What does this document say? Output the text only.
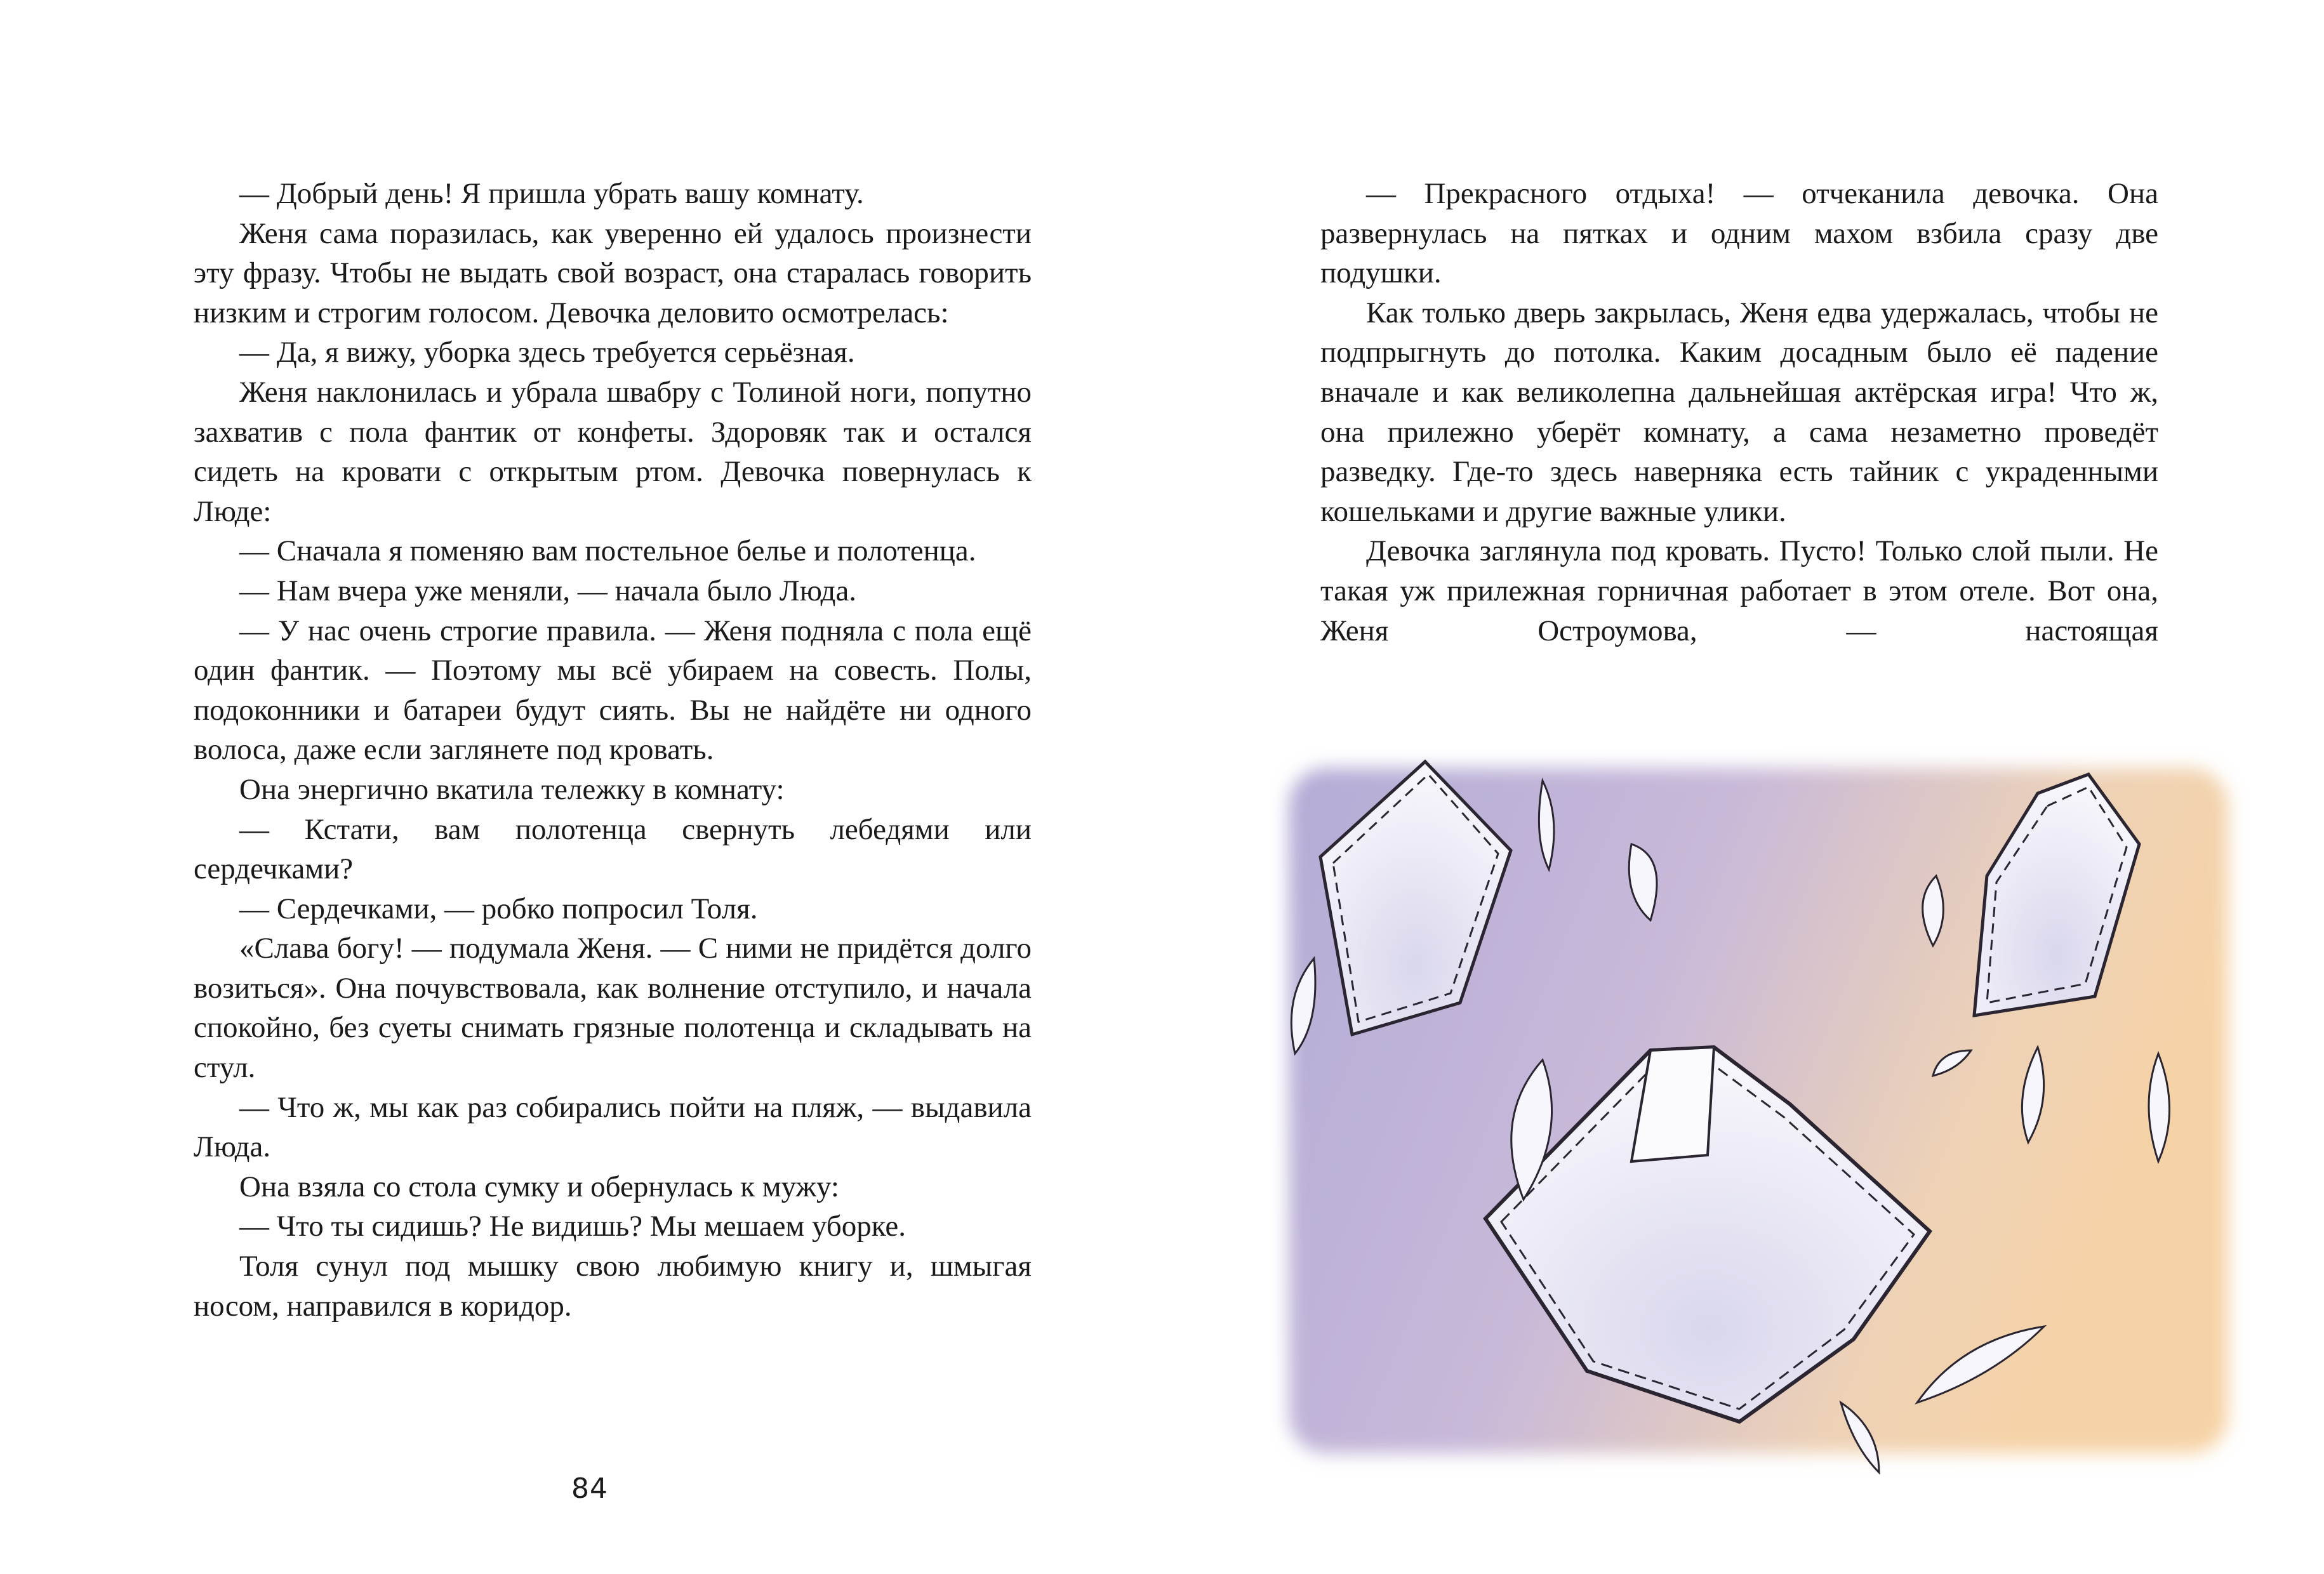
— Добрый день! Я пришла убрать вашу комнату.

Женя сама поразилась, как уверенно ей удалось произнести эту фразу. Чтобы не выдать свой возраст, она старалась говорить низким и строгим голосом. Девочка деловито осмотрелась:

— Да, я вижу, уборка здесь требуется серьёзная.

Женя наклонилась и убрала швабру с Толиной ноги, попутно захватив с пола фантик от конфеты. Здоровяк так и остался сидеть на кровати с открытым ртом. Девочка повернулась к Люде:

— Сначала я поменяю вам постельное белье и полотенца.

— Нам вчера уже меняли, — начала было Люда.

— У нас очень строгие правила. — Женя подняла с пола ещё один фантик. — Поэтому мы всё убираем на совесть. Полы, подоконники и батареи будут сиять. Вы не найдёте ни одного волоса, даже если заглянете под кровать.

Она энергично вкатила тележку в комнату:

— Кстати, вам полотенца свернуть лебедями или сердечками?

— Сердечками, — робко попросил Толя.

«Слава богу! — подумала Женя. — С ними не придётся долго возиться». Она почувствовала, как волнение отступило, и начала спокойно, без суеты снимать грязные полотенца и складывать на стул.

— Что ж, мы как раз собирались пойти на пляж, — выдавила Люда.

Она взяла со стола сумку и обернулась к мужу:

— Что ты сидишь? Не видишь? Мы мешаем уборке.

Толя сунул под мышку свою любимую книгу и, шмыгая носом, направился в коридор.

84

— Прекрасного отдыха! — отчеканила девочка. Она развернулась на пятках и одним махом взбила сразу две подушки.

Как только дверь закрылась, Женя едва удержалась, чтобы не подпрыгнуть до потолка. Каким досадным было её падение вначале и как великолепна дальнейшая актёрская игра! Что ж, она прилежно уберёт комнату, а сама незаметно проведёт разведку. Где-то здесь наверняка есть тайник с украденными кошельками и другие важные улики.

Девочка заглянула под кровать. Пусто! Только слой пыли. Не такая уж прилежная горничная работает в этом отеле. Вот она, Женя Остроумова, — настоящая
